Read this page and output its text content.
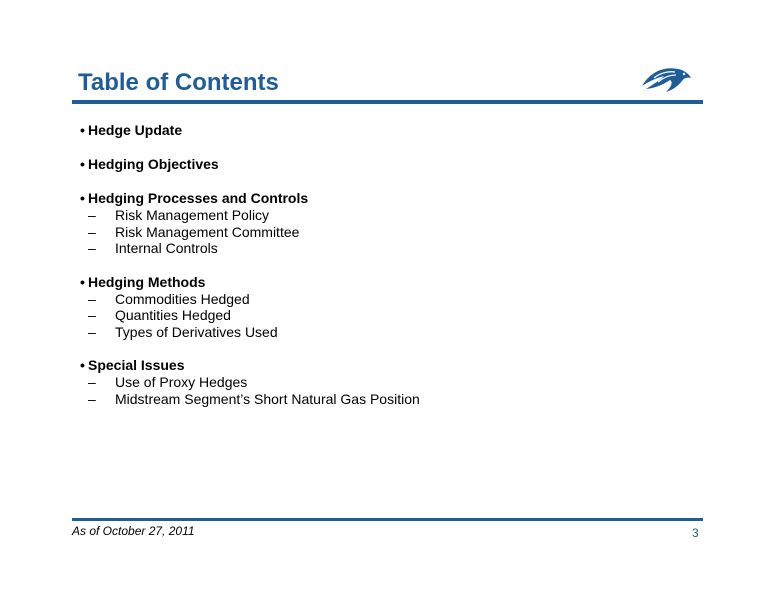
Table of Contents
• Hedge Update
• Hedging Objectives
• Hedging Processes and Controls
– Risk Management Policy
– Risk Management Committee
– Internal Controls
• Hedging Methods
– Commodities Hedged
– Quantities Hedged
– Types of Derivatives Used
• Special Issues
– Use of Proxy Hedges
– Midstream Segment’s Short Natural Gas Position
As of October 27, 2011	3
